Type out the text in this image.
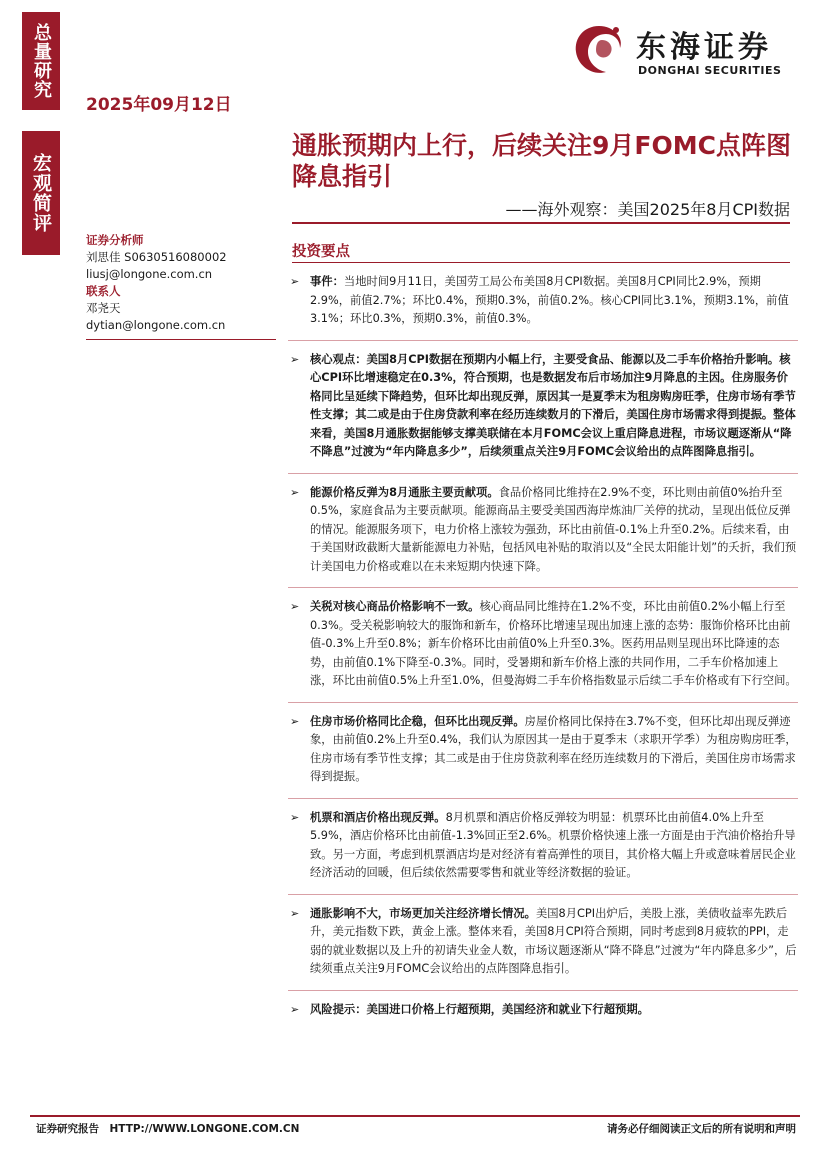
总量研究
宏观简评
2025年09月12日
东海证券
DONGHAI SECURITIES
通胀预期内上行，后续关注9月FOMC点阵图降息指引
——海外观察：美国2025年8月CPI数据
证券分析师
刘思佳 S0630516080002
liusj@longone.com.cn
联系人
邓尧天
dytian@longone.com.cn
投资要点
➢ 事件：当地时间9月11日，美国劳工局公布美国8月CPI数据。美国8月CPI同比2.9%，预期2.9%，前值2.7%；环比0.4%，预期0.3%，前值0.2%。核心CPI同比3.1%，预期3.1%，前值3.1%；环比0.3%，预期0.3%，前值0.3%。
➢ 核心观点：美国8月CPI数据在预期内小幅上行，主要受食品、能源以及二手车价格抬升影响。核心CPI环比增速稳定在0.3%，符合预期，也是数据发布后市场加注9月降息的主因。住房服务价格同比呈延续下降趋势，但环比却出现反弹，原因其一是夏季末为租房购房旺季，住房市场有季节性支撑；其二或是由于住房贷款利率在经历连续数月的下滑后，美国住房市场需求得到提振。整体来看，美国8月通胀数据能够支撑美联储在本月FOMC会议上重启降息进程，市场议题逐渐从“降不降息”过渡为“年内降息多少”，后续须重点关注9月FOMC会议给出的点阵图降息指引。
➢ 能源价格反弹为8月通胀主要贡献项。食品价格同比维持在2.9%不变，环比则由前值0%抬升至0.5%，家庭食品为主要贡献项。能源商品主要受美国西海岸炼油厂关停的扰动，呈现出低位反弹的情况。能源服务项下，电力价格上涨较为强劲，环比由前值-0.1%上升至0.2%。后续来看，由于美国财政截断大量新能源电力补贴，包括风电补贴的取消以及“全民太阳能计划”的夭折，我们预计美国电力价格或难以在未来短期内快速下降。
➢ 关税对核心商品价格影响不一致。核心商品同比维持在1.2%不变，环比由前值0.2%小幅上行至0.3%。受关税影响较大的服饰和新车，价格环比增速呈现出加速上涨的态势：服饰价格环比由前值-0.3%上升至0.8%；新车价格环比由前值0%上升至0.3%。医药用品则呈现出环比降速的态势，由前值0.1%下降至-0.3%。同时，受暑期和新车价格上涨的共同作用，二手车价格加速上涨，环比由前值0.5%上升至1.0%，但曼海姆二手车价格指数显示后续二手车价格或有下行空间。
➢ 住房市场价格同比企稳，但环比出现反弹。房屋价格同比保持在3.7%不变，但环比却出现反弹迹象，由前值0.2%上升至0.4%，我们认为原因其一是由于夏季末（求职开学季）为租房购房旺季，住房市场有季节性支撑；其二或是由于住房贷款利率在经历连续数月的下滑后，美国住房市场需求得到提振。
➢ 机票和酒店价格出现反弹。8月机票和酒店价格反弹较为明显：机票环比由前值4.0%上升至5.9%，酒店价格环比由前值-1.3%回正至2.6%。机票价格快速上涨一方面是由于汽油价格抬升导致。另一方面，考虑到机票酒店均是对经济有着高弹性的项目，其价格大幅上升或意味着居民企业经济活动的回暖，但后续依然需要零售和就业等经济数据的验证。
➢ 通胀影响不大，市场更加关注经济增长情况。美国8月CPI出炉后，美股上涨，美债收益率先跌后升，美元指数下跌，黄金上涨。整体来看，美国8月CPI符合预期，同时考虑到8月疲软的PPI，走弱的就业数据以及上升的初请失业金人数，市场议题逐渐从“降不降息”过渡为“年内降息多少”，后续须重点关注9月FOMC会议给出的点阵图降息指引。
➢ 风险提示：美国进口价格上行超预期，美国经济和就业下行超预期。
证券研究报告　HTTP://WWW.LONGONE.COM.CN	请务必仔细阅读正文后的所有说明和声明
